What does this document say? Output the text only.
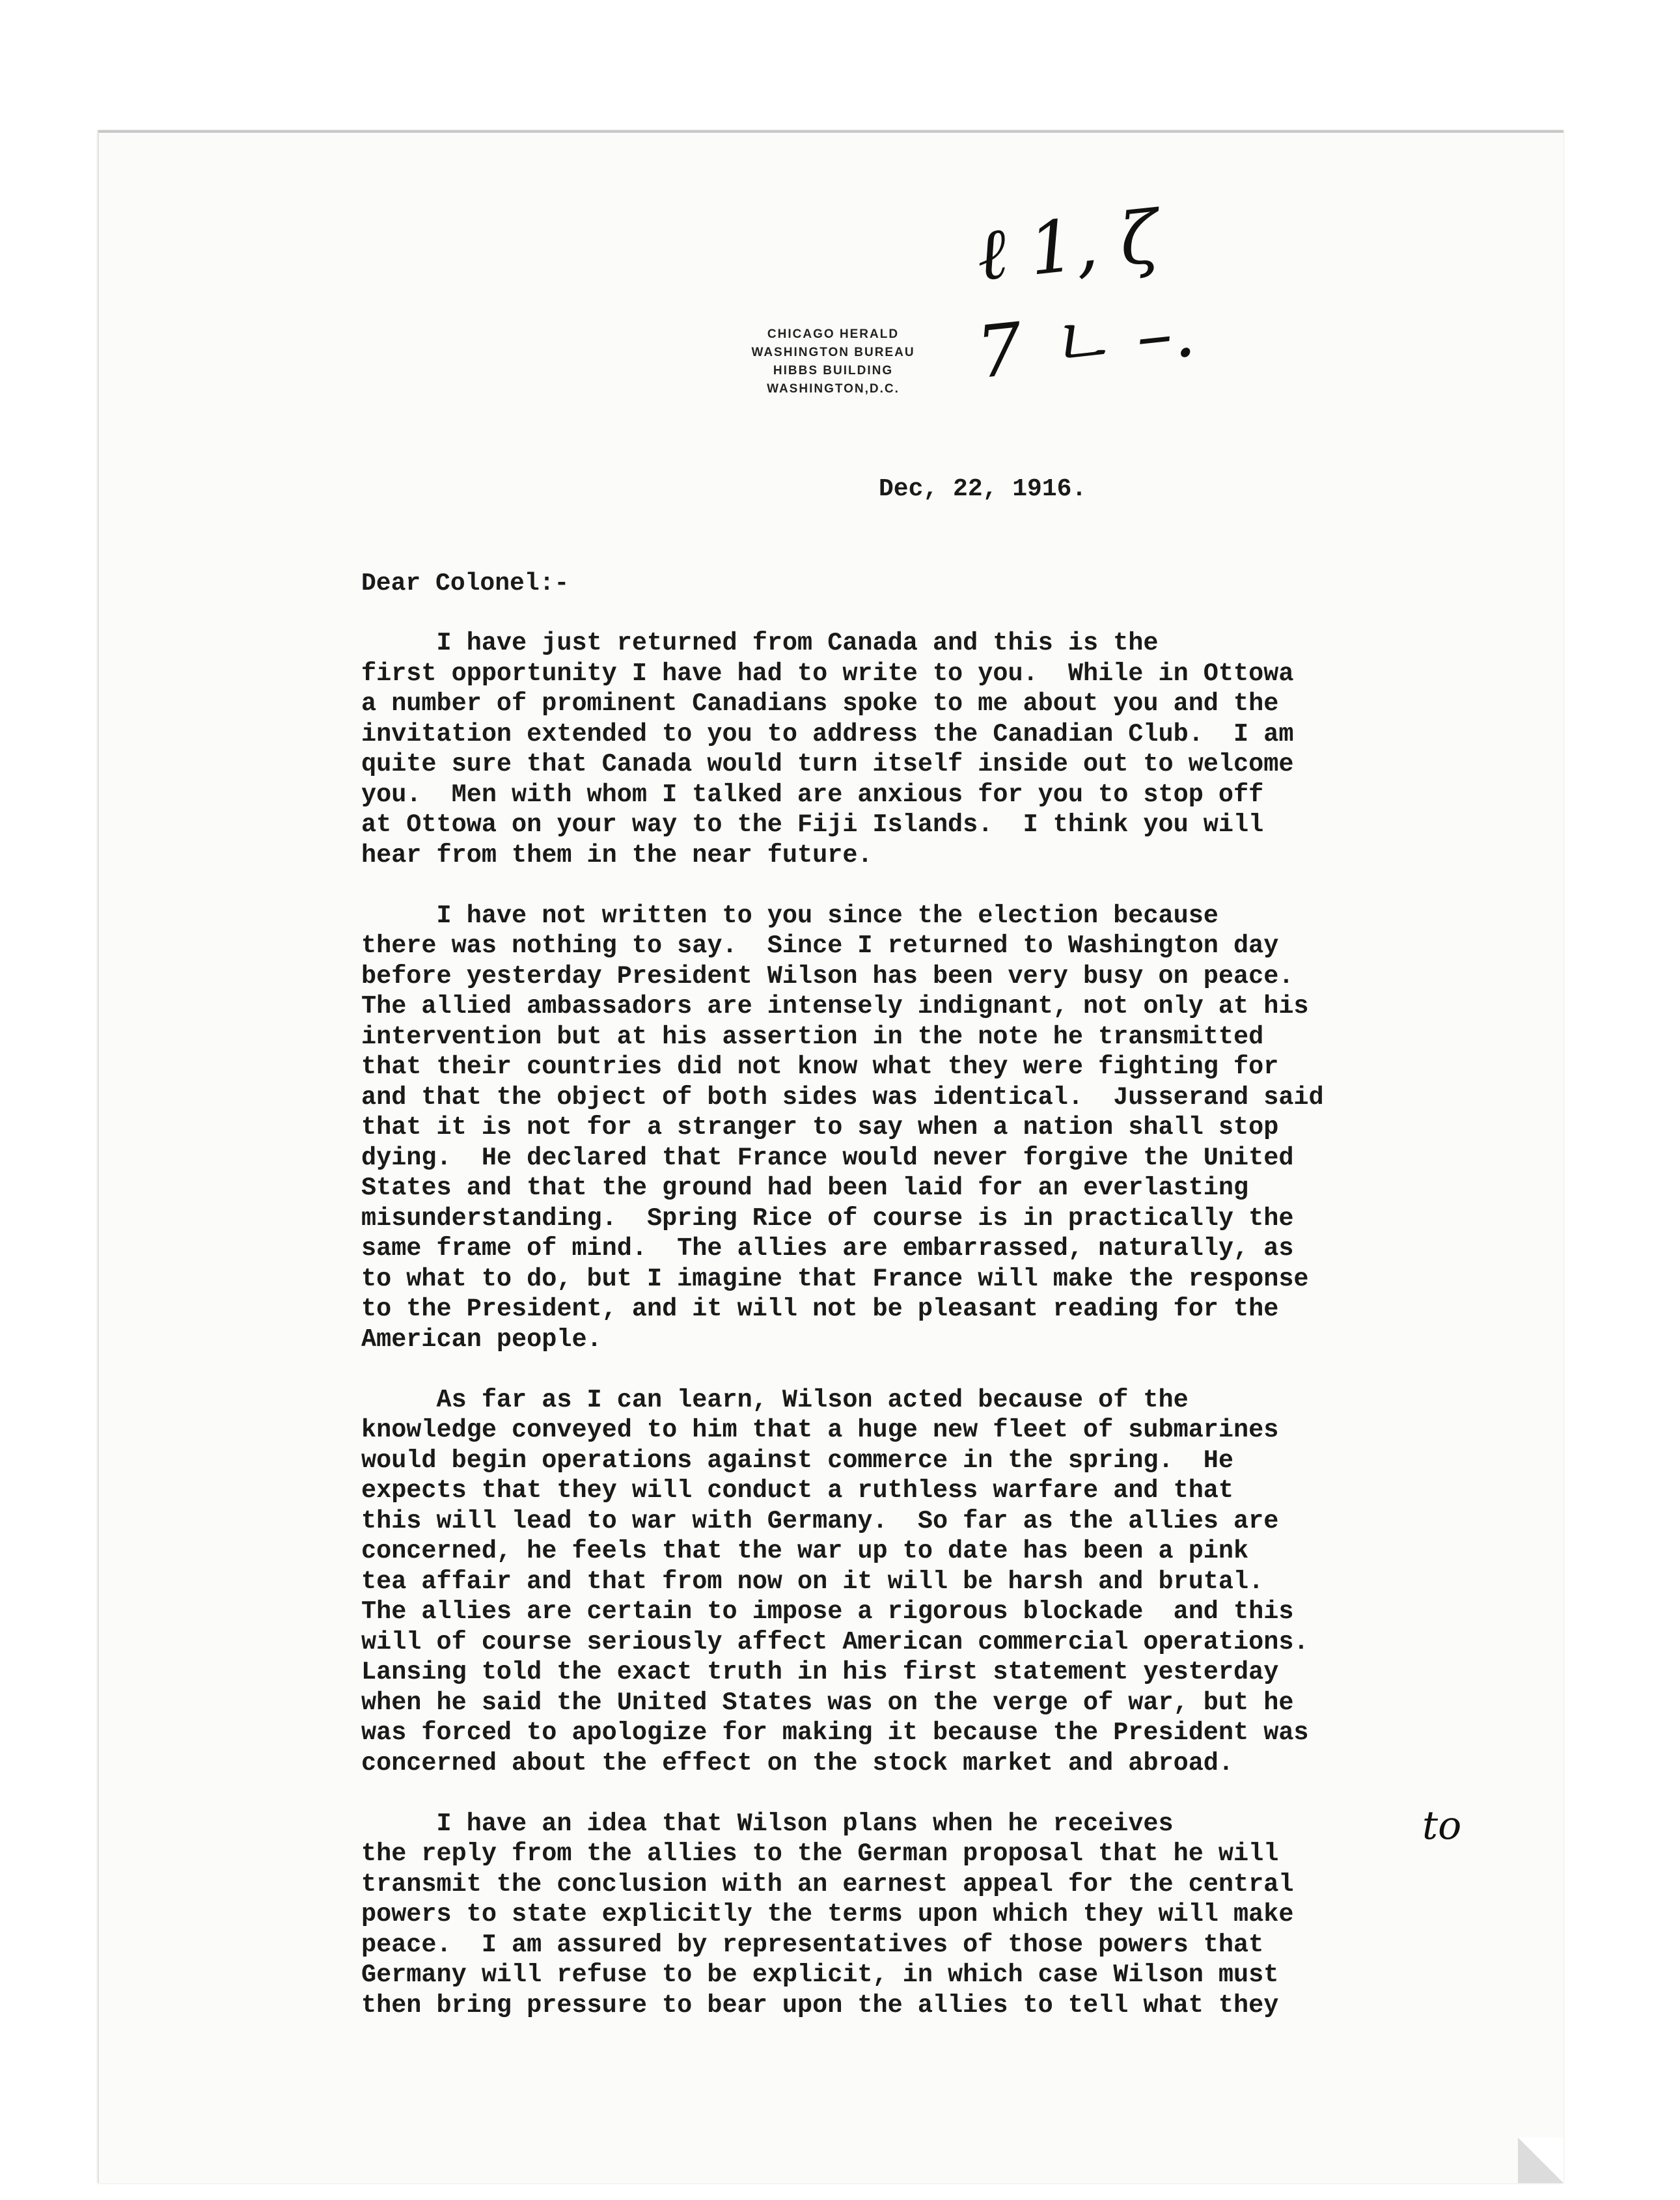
CHICAGO HERALD
WASHINGTON BUREAU
HIBBS BUILDING
WASHINGTON,D.C.
ℓ 1, ζ
7 ㄴ –.
Dec, 22, 1916.
Dear Colonel:-
I have just returned from Canada and this is the
first opportunity I have had to write to you.  While in Ottowa
a number of prominent Canadians spoke to me about you and the
invitation extended to you to address the Canadian Club.  I am
quite sure that Canada would turn itself inside out to welcome
you.  Men with whom I talked are anxious for you to stop off
at Ottowa on your way to the Fiji Islands.  I think you will
hear from them in the near future.
I have not written to you since the election because
there was nothing to say.  Since I returned to Washington day
before yesterday President Wilson has been very busy on peace.
The allied ambassadors are intensely indignant, not only at his
intervention but at his assertion in the note he transmitted
that their countries did not know what they were fighting for
and that the object of both sides was identical.  Jusserand said
that it is not for a stranger to say when a nation shall stop
dying.  He declared that France would never forgive the United
States and that the ground had been laid for an everlasting
misunderstanding.  Spring Rice of course is in practically the
same frame of mind.  The allies are embarrassed, naturally, as
to what to do, but I imagine that France will make the response
to the President, and it will not be pleasant reading for the
American people.
As far as I can learn, Wilson acted because of the
knowledge conveyed to him that a huge new fleet of submarines
would begin operations against commerce in the spring.  He
expects that they will conduct a ruthless warfare and that
this will lead to war with Germany.  So far as the allies are
concerned, he feels that the war up to date has been a pink
tea affair and that from now on it will be harsh and brutal.
The allies are certain to impose a rigorous blockade  and this
will of course seriously affect American commercial operations.
Lansing told the exact truth in his first statement yesterday
when he said the United States was on the verge of war, but he
was forced to apologize for making it because the President was
concerned about the effect on the stock market and abroad.
I have an idea that Wilson plans when he receives
the reply from the allies to the German proposal that he will
transmit the conclusion with an earnest appeal for the central
powers to state explicitly the terms upon which they will make
peace.  I am assured by representatives of those powers that
Germany will refuse to be explicit, in which case Wilson must
then bring pressure to bear upon the allies to tell what they
to
